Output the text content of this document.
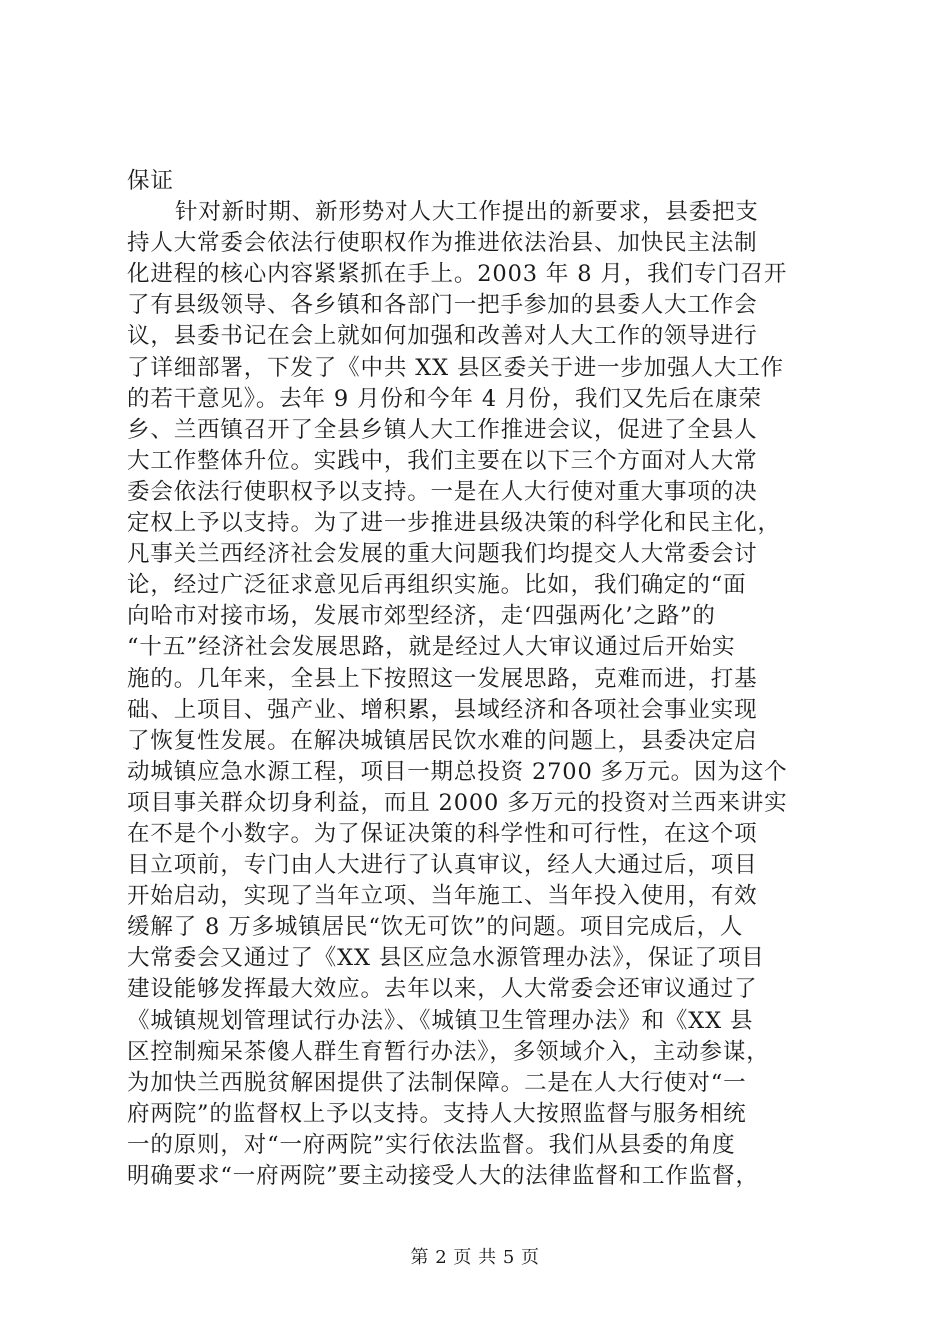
保证
针对新时期、新形势对人大工作提出的新要求，县委把支
持人大常委会依法行使职权作为推进依法治县、加快民主法制
化进程的核心内容紧紧抓在手上。2003 年 8 月，我们专门召开
了有县级领导、各乡镇和各部门一把手参加的县委人大工作会
议，县委书记在会上就如何加强和改善对人大工作的领导进行
了详细部署，下发了《中共 XX 县区委关于进一步加强人大工作
的若干意见》。去年 9 月份和今年 4 月份，我们又先后在康荣
乡、兰西镇召开了全县乡镇人大工作推进会议，促进了全县人
大工作整体升位。实践中，我们主要在以下三个方面对人大常
委会依法行使职权予以支持。一是在人大行使对重大事项的决
定权上予以支持。为了进一步推进县级决策的科学化和民主化，
凡事关兰西经济社会发展的重大问题我们均提交人大常委会讨
论，经过广泛征求意见后再组织实施。比如，我们确定的“面
向哈市对接市场，发展市郊型经济，走‘四强两化’之路”的
“十五”经济社会发展思路，就是经过人大审议通过后开始实
施的。几年来，全县上下按照这一发展思路，克难而进，打基
础、上项目、强产业、增积累，县域经济和各项社会事业实现
了恢复性发展。在解决城镇居民饮水难的问题上，县委决定启
动城镇应急水源工程，项目一期总投资 2700 多万元。因为这个
项目事关群众切身利益，而且 2000 多万元的投资对兰西来讲实
在不是个小数字。为了保证决策的科学性和可行性，在这个项
目立项前，专门由人大进行了认真审议，经人大通过后，项目
开始启动，实现了当年立项、当年施工、当年投入使用，有效
缓解了 8 万多城镇居民“饮无可饮”的问题。项目完成后，人
大常委会又通过了《XX 县区应急水源管理办法》，保证了项目
建设能够发挥最大效应。去年以来，人大常委会还审议通过了
《城镇规划管理试行办法》、《城镇卫生管理办法》和《XX 县
区控制痴呆茶傻人群生育暂行办法》，多领域介入，主动参谋，
为加快兰西脱贫解困提供了法制保障。二是在人大行使对“一
府两院”的监督权上予以支持。支持人大按照监督与服务相统
一的原则，对“一府两院”实行依法监督。我们从县委的角度
明确要求“一府两院”要主动接受人大的法律监督和工作监督，
第 2 页 共 5 页
